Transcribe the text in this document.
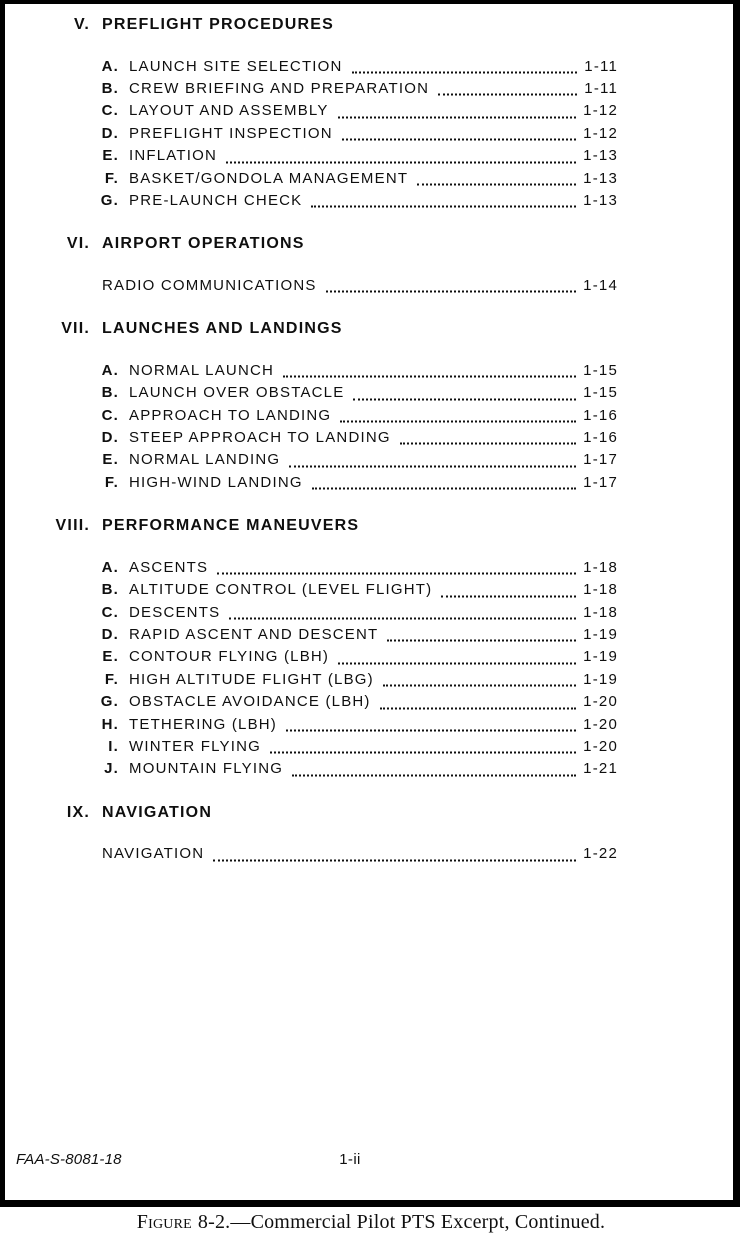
V. PREFLIGHT PROCEDURES
A. LAUNCH SITE SELECTION	1-11
B. CREW BRIEFING AND PREPARATION	1-11
C. LAYOUT AND ASSEMBLY	1-12
D. PREFLIGHT INSPECTION	1-12
E. INFLATION	1-13
F. BASKET/GONDOLA MANAGEMENT	1-13
G. PRE-LAUNCH CHECK	1-13
VI. AIRPORT OPERATIONS
RADIO COMMUNICATIONS	1-14
VII. LAUNCHES AND LANDINGS
A. NORMAL LAUNCH	1-15
B. LAUNCH OVER OBSTACLE	1-15
C. APPROACH TO LANDING	1-16
D. STEEP APPROACH TO LANDING	1-16
E. NORMAL LANDING	1-17
F. HIGH-WIND LANDING	1-17
VIII. PERFORMANCE MANEUVERS
A. ASCENTS	1-18
B. ALTITUDE CONTROL (LEVEL FLIGHT)	1-18
C. DESCENTS	1-18
D. RAPID ASCENT AND DESCENT	1-19
E. CONTOUR FLYING (LBH)	1-19
F. HIGH ALTITUDE FLIGHT (LBG)	1-19
G. OBSTACLE AVOIDANCE (LBH)	1-20
H. TETHERING (LBH)	1-20
I. WINTER FLYING	1-20
J. MOUNTAIN FLYING	1-21
IX. NAVIGATION
NAVIGATION	1-22
FAA-S-8081-18	1-ii
Figure 8-2.—Commercial Pilot PTS Excerpt, Continued.
